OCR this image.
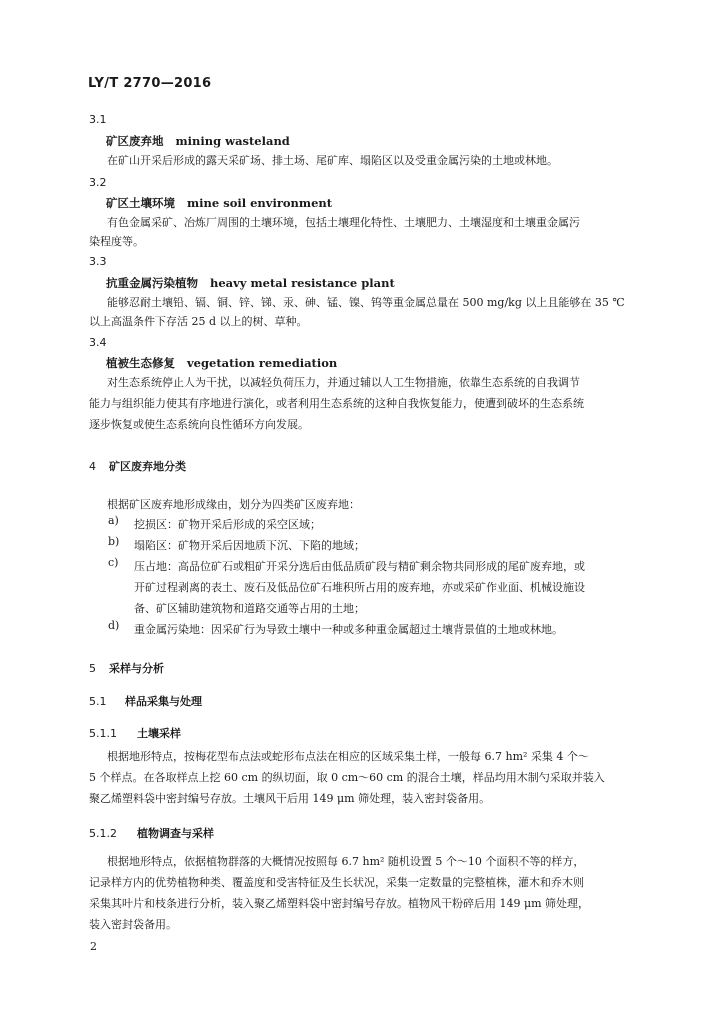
LY/T 2770—2016
3.1
矿区废弃地 mining wasteland
在矿山开采后形成的露天采矿场、排土场、尾矿库、塌陷区以及受重金属污染的土地或林地。
3.2
矿区土壤环境 mine soil environment
有色金属采矿、冶炼厂周围的土壤环境，包括土壤理化特性、土壤肥力、土壤湿度和土壤重金属污
染程度等。
3.3
抗重金属污染植物 heavy metal resistance plant
能够忍耐土壤铅、镉、铜、锌、锑、汞、砷、锰、镍、钨等重金属总量在 500 mg/kg 以上且能够在 35 ℃
以上高温条件下存活 25 d 以上的树、草种。
3.4
植被生态修复 vegetation remediation
对生态系统停止人为干扰，以减轻负荷压力，并通过辅以人工生物措施，依靠生态系统的自我调节
能力与组织能力使其有序地进行演化，或者利用生态系统的这种自我恢复能力，使遭到破坏的生态系统
逐步恢复或使生态系统向良性循环方向发展。
4 矿区废弃地分类
根据矿区废弃地形成缘由，划分为四类矿区废弃地：
a) 挖损区：矿物开采后形成的采空区域；
b) 塌陷区：矿物开采后因地质下沉、下陷的地域；
c) 压占地：高品位矿石或粗矿开采分选后由低品质矿段与精矿剩余物共同形成的尾矿废弃地，或
开矿过程剥离的表土、废石及低品位矿石堆积所占用的废弃地，亦或采矿作业面、机械设施设
备、矿区辅助建筑物和道路交通等占用的土地；
d) 重金属污染地：因采矿行为导致土壤中一种或多种重金属超过土壤背景值的土地或林地。
5 采样与分析
5.1 样品采集与处理
5.1.1 土壤采样
根据地形特点，按梅花型布点法或蛇形布点法在相应的区域采集土样，一般每 6.7 hm² 采集 4 个～
5 个样点。在各取样点上挖 60 cm 的纵切面，取 0 cm～60 cm 的混合土壤，样品均用木制勺采取并装入
聚乙烯塑料袋中密封编号存放。土壤风干后用 149 μm 筛处理，装入密封袋备用。
5.1.2 植物调查与采样
根据地形特点，依据植物群落的大概情况按照每 6.7 hm² 随机设置 5 个～10 个面积不等的样方，
记录样方内的优势植物种类、覆盖度和受害特征及生长状况，采集一定数量的完整植株，灌木和乔木则
采集其叶片和枝条进行分析，装入聚乙烯塑料袋中密封编号存放。植物风干粉碎后用 149 μm 筛处理，
装入密封袋备用。
2
